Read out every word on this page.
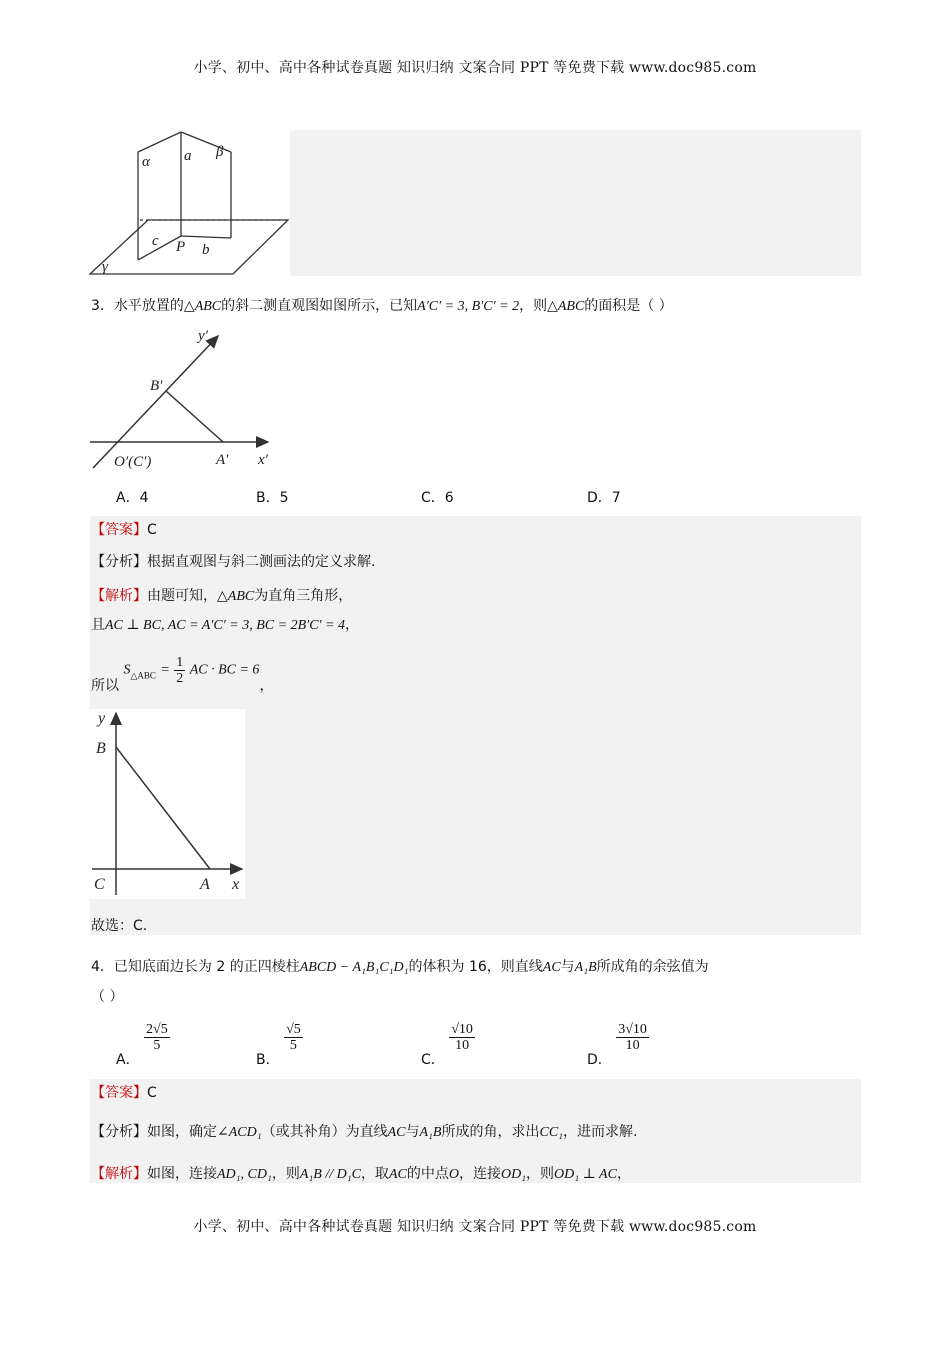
小学、初中、高中各种试卷真题 知识归纳 文案合同 PPT 等免费下载 www.doc985.com
小学、初中、高中各种试卷真题 知识归纳 文案合同 PPT 等免费下载 www.doc985.com
α a β
c P b
γ
3．水平放置的△ABC的斜二测直观图如图所示，已知A′C′ = 3, B′C′ = 2，则△ABC的面积是（ ）
y′
B′
O′(C′)	A′ x′
A．4	B．5	C．6	D．7
【答案】C
【分析】根据直观图与斜二测画法的定义求解.
【解析】由题可知，△ABC为直角三角形，
且AC ⊥ BC, AC = A′C′ = 3, BC = 2B′C′ = 4，
所以 $S_{\triangle ABC} = \frac{1}{2}$ AC · BC = 6，
y
B
C	A x
故选：C.
4．已知底面边长为 2 的正四棱柱ABCD − A₁B₁C₁D₁的体积为 16，则直线AC与A₁B所成角的余弦值为
（ ）
A．
$\frac{2√5}{5}$
B．
$\frac{√5}{5}$
C．
$\frac{√10}{10}$
D．
$\frac{3√10}{10}$
【答案】C
【分析】如图，确定∠ACD₁（或其补角）为直线AC与A₁B所成的角，求出CC₁，进而求解.
【解析】如图，连接AD₁, CD₁，则A₁B // D₁C，取AC的中点O，连接OD₁，则OD₁ ⊥ AC，
